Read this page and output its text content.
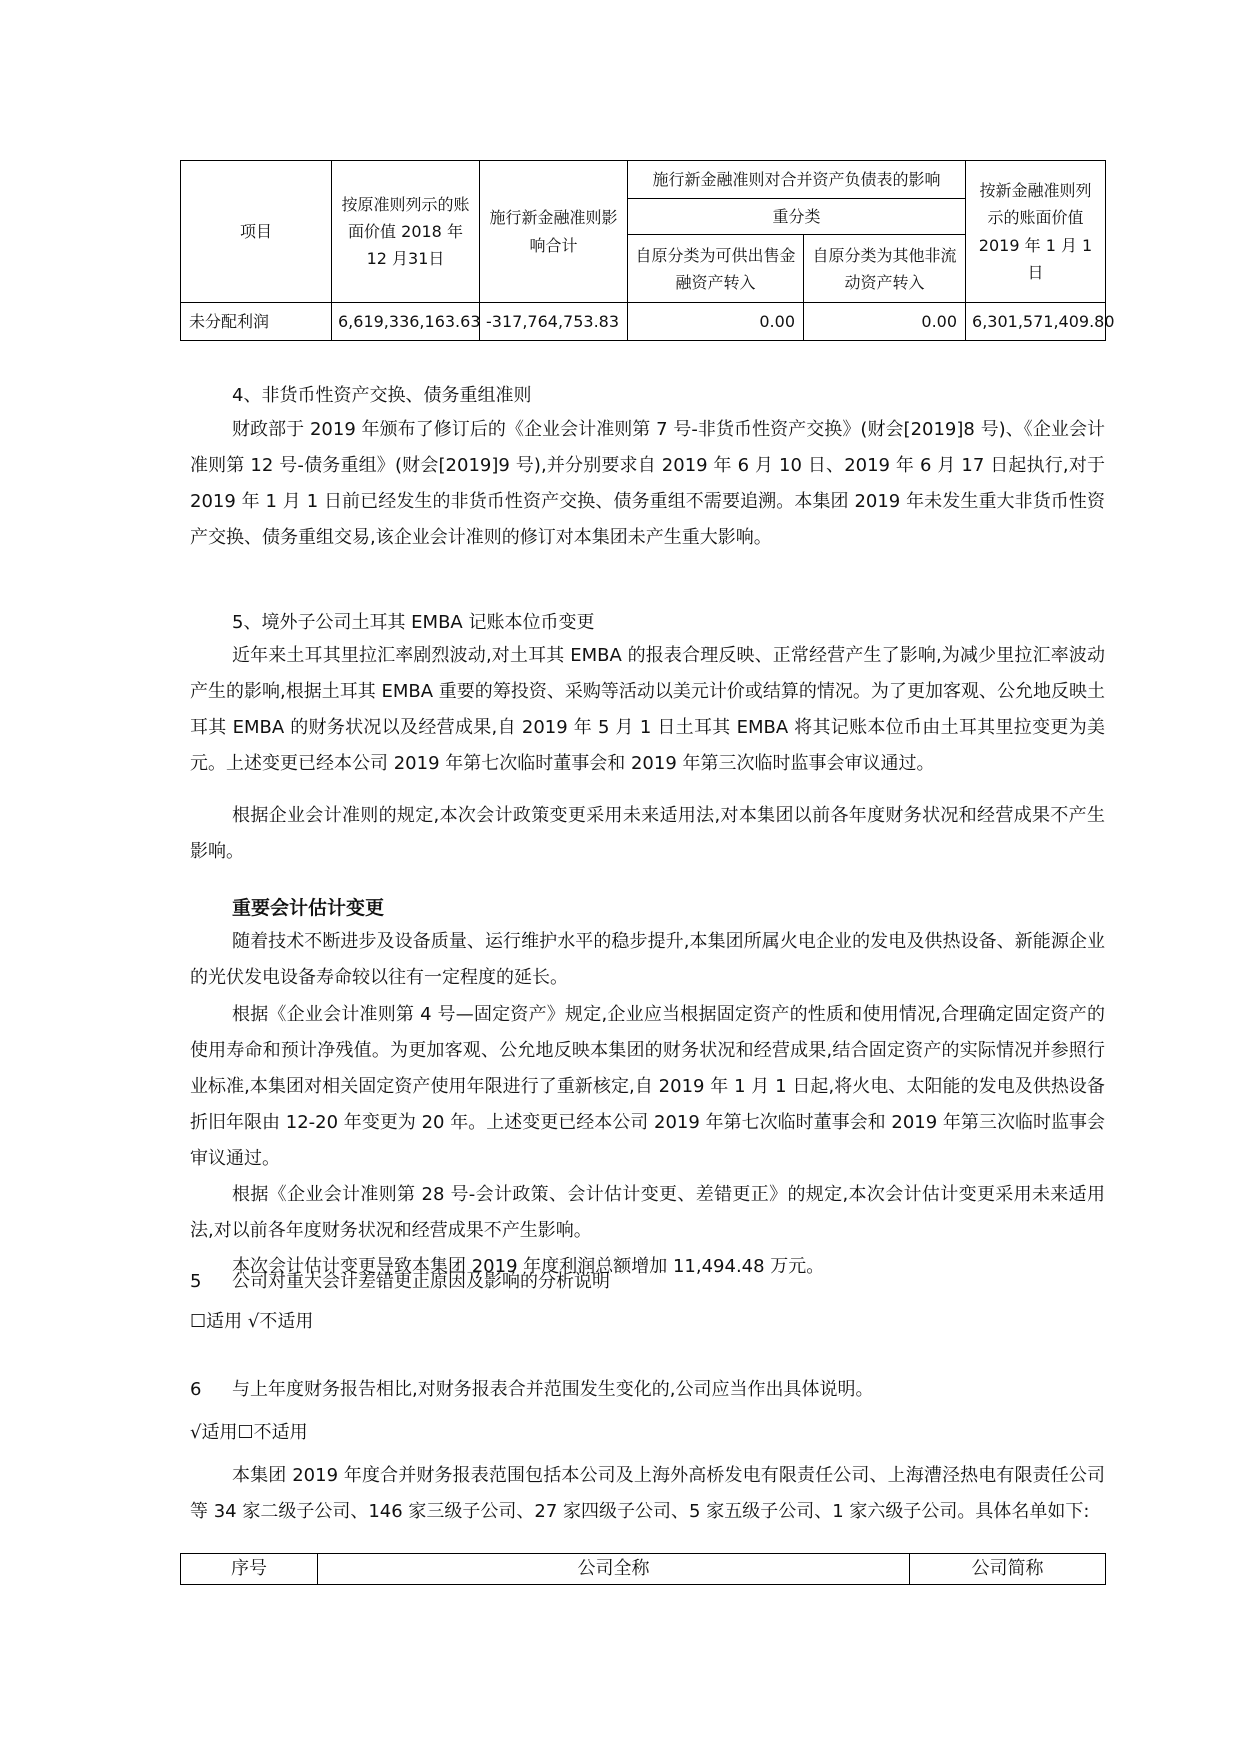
项目	按原准则列示的账面价值 2018 年 12 月31日	施行新金融准则影响合计	施行新金融准则对合并资产负债表的影响		按新金融准则列示的账面价值 2019 年 1 月 1 日
			重分类		
			自原分类为可供出售金融资产转入	自原分类为其他非流动资产转入	
未分配利润	6,619,336,163.63	-317,764,753.83	0.00	0.00	6,301,571,409.80
4、非货币性资产交换、债务重组准则
财政部于 2019 年颁布了修订后的《企业会计准则第 7 号-非货币性资产交换》(财会[2019]8 号)、《企业会计准则第 12 号-债务重组》(财会[2019]9 号),并分别要求自 2019 年 6 月 10 日、2019 年 6 月 17 日起执行,对于 2019 年 1 月 1 日前已经发生的非货币性资产交换、债务重组不需要追溯。本集团 2019 年未发生重大非货币性资产交换、债务重组交易,该企业会计准则的修订对本集团未产生重大影响。
5、境外子公司土耳其 EMBA 记账本位币变更
近年来土耳其里拉汇率剧烈波动,对土耳其 EMBA 的报表合理反映、正常经营产生了影响,为减少里拉汇率波动产生的影响,根据土耳其 EMBA 重要的筹投资、采购等活动以美元计价或结算的情况。为了更加客观、公允地反映土耳其 EMBA 的财务状况以及经营成果,自 2019 年 5 月 1 日土耳其 EMBA 将其记账本位币由土耳其里拉变更为美元。上述变更已经本公司 2019 年第七次临时董事会和 2019 年第三次临时监事会审议通过。
根据企业会计准则的规定,本次会计政策变更采用未来适用法,对本集团以前各年度财务状况和经营成果不产生影响。
重要会计估计变更
随着技术不断进步及设备质量、运行维护水平的稳步提升,本集团所属火电企业的发电及供热设备、新能源企业的光伏发电设备寿命较以往有一定程度的延长。
根据《企业会计准则第 4 号—固定资产》规定,企业应当根据固定资产的性质和使用情况,合理确定固定资产的使用寿命和预计净残值。为更加客观、公允地反映本集团的财务状况和经营成果,结合固定资产的实际情况并参照行业标准,本集团对相关固定资产使用年限进行了重新核定,自 2019 年 1 月 1 日起,将火电、太阳能的发电及供热设备折旧年限由 12-20 年变更为 20 年。上述变更已经本公司 2019 年第七次临时董事会和 2019 年第三次临时监事会审议通过。
根据《企业会计准则第 28 号-会计政策、会计估计变更、差错更正》的规定,本次会计估计变更采用未来适用法,对以前各年度财务状况和经营成果不产生影响。
本次会计估计变更导致本集团 2019 年度利润总额增加 11,494.48 万元。
5 公司对重大会计差错更正原因及影响的分析说明
☐适用 √不适用
6 与上年度财务报告相比,对财务报表合并范围发生变化的,公司应当作出具体说明。
√适用☐不适用
本集团 2019 年度合并财务报表范围包括本公司及上海外高桥发电有限责任公司、上海漕泾热电有限责任公司等 34 家二级子公司、146 家三级子公司、27 家四级子公司、5 家五级子公司、1 家六级子公司。具体名单如下:
序号	公司全称	公司简称
